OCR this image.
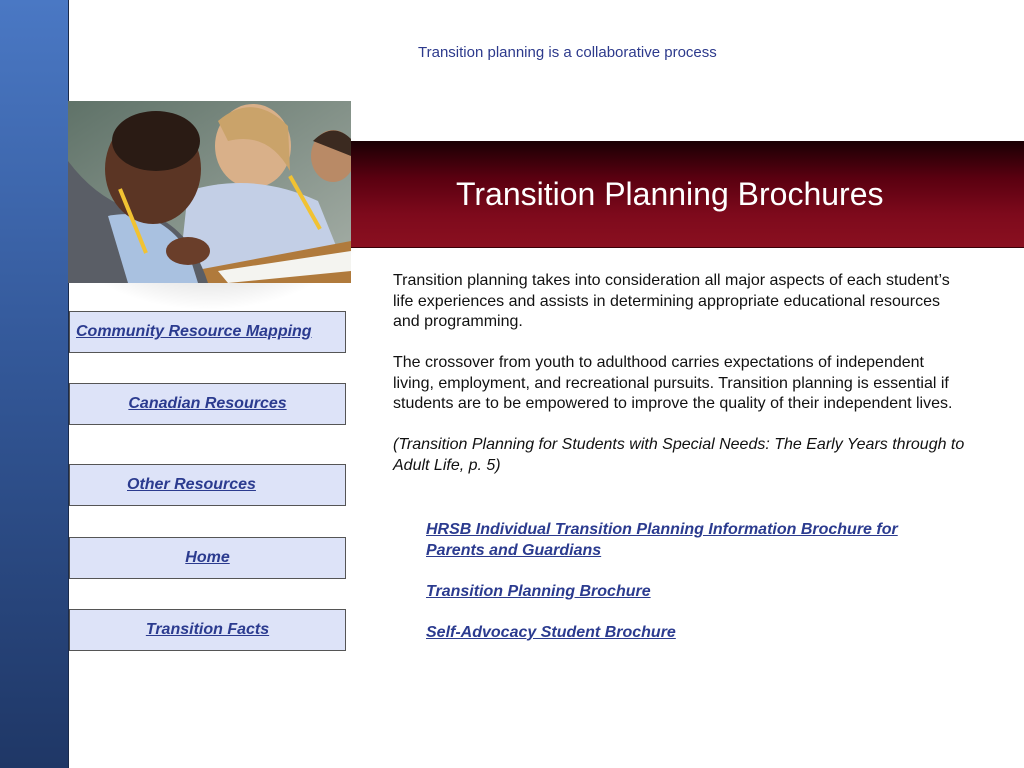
Transition planning is a collaborative process
Transition Planning Brochures
Community Resource Mapping
Canadian Resources
Other Resources
Home
Transition Facts

Transition planning takes into consideration all major aspects of each student’s life experiences and assists in determining appropriate educational resources and programming.

The crossover from youth to adulthood carries expectations of independent living, employment, and recreational pursuits. Transition planning is essential if students are to be empowered to improve the quality of their independent lives.

(Transition Planning for Students with Special Needs: The Early Years through to Adult Life, p. 5)

HRSB Individual Transition Planning Information Brochure for Parents and Guardians
Transition Planning Brochure
Self-Advocacy Student Brochure
